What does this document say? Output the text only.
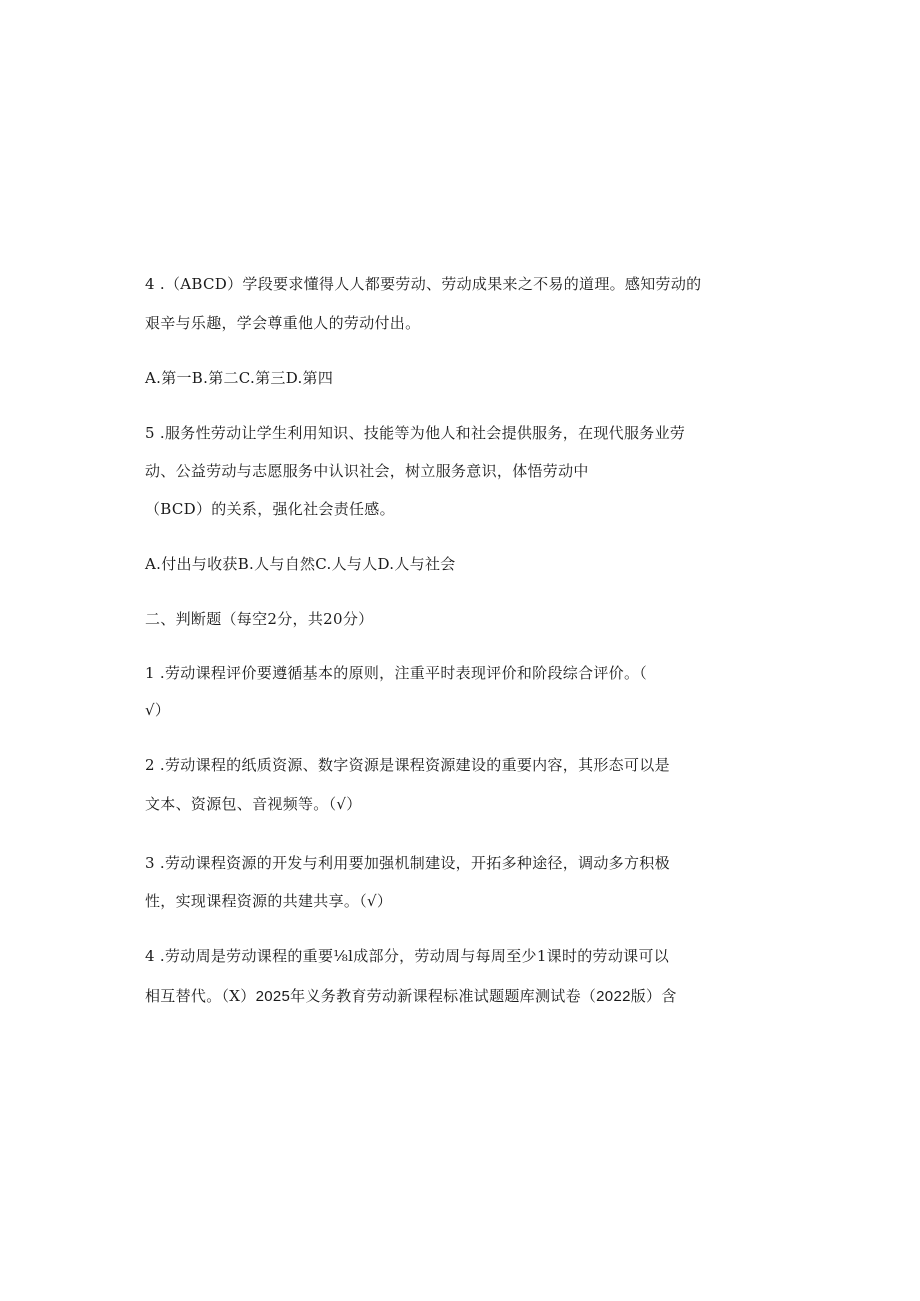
4 .（ABCD）学段要求懂得人人都要劳动、劳动成果来之不易的道理。感知劳动的
艰辛与乐趣，学会尊重他人的劳动付出。
A.第一B.第二C.第三D.第四
5 .服务性劳动让学生利用知识、技能等为他人和社会提供服务，在现代服务业劳
动、公益劳动与志愿服务中认识社会，树立服务意识，体悟劳动中
（BCD）的关系，强化社会责任感。
A.付出与收获B.人与自然C.人与人D.人与社会
二、判断题（每空2分，共20分）
1 .劳动课程评价要遵循基本的原则，注重平时表现评价和阶段综合评价。（
√）
2 .劳动课程的纸质资源、数字资源是课程资源建设的重要内容，其形态可以是
文本、资源包、音视频等。（√）
3 .劳动课程资源的开发与利用要加强机制建设，开拓多种途径，调动多方积极
性，实现课程资源的共建共享。（√）
4 .劳动周是劳动课程的重要⅛l成部分，劳动周与每周至少1课时的劳动课可以
相互替代。（X）2025年义务教育劳动新课程标准试题题库测试卷（2022版）含
